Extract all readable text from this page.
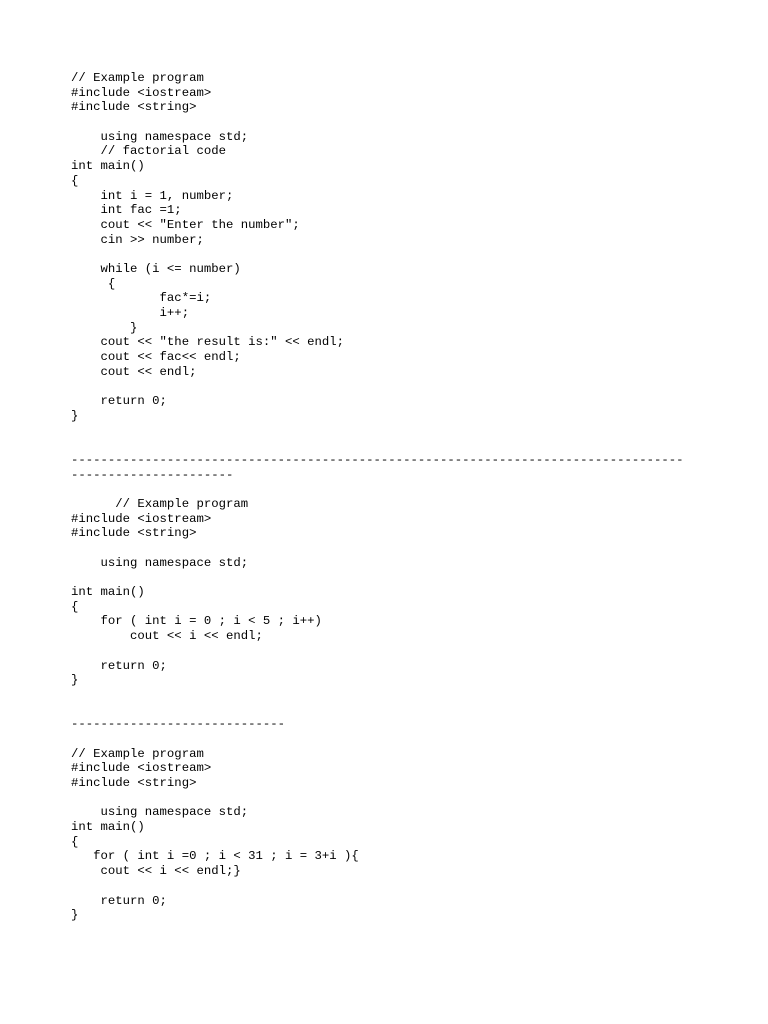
// Example program
#include <iostream>
#include <string>
using namespace std;
// factorial code
int main()
{
int i = 1, number;
int fac =1;
cout << "Enter the number";
cin >> number;
while (i <= number)
{
fac*=i;
i++;
}
cout << "the result is:" << endl;
cout << fac<< endl;
cout << endl;
return 0;
}
-----------------------------------------------------------------------------------
----------------------
// Example program
#include <iostream>
#include <string>
using namespace std;
int main()
{
for ( int i = 0 ; i < 5 ; i++)
cout << i << endl;
return 0;
}
-----------------------------
// Example program
#include <iostream>
#include <string>
using namespace std;
int main()
{
for ( int i =0 ; i < 31 ; i = 3+i ){
cout << i << endl;}
return 0;
}
